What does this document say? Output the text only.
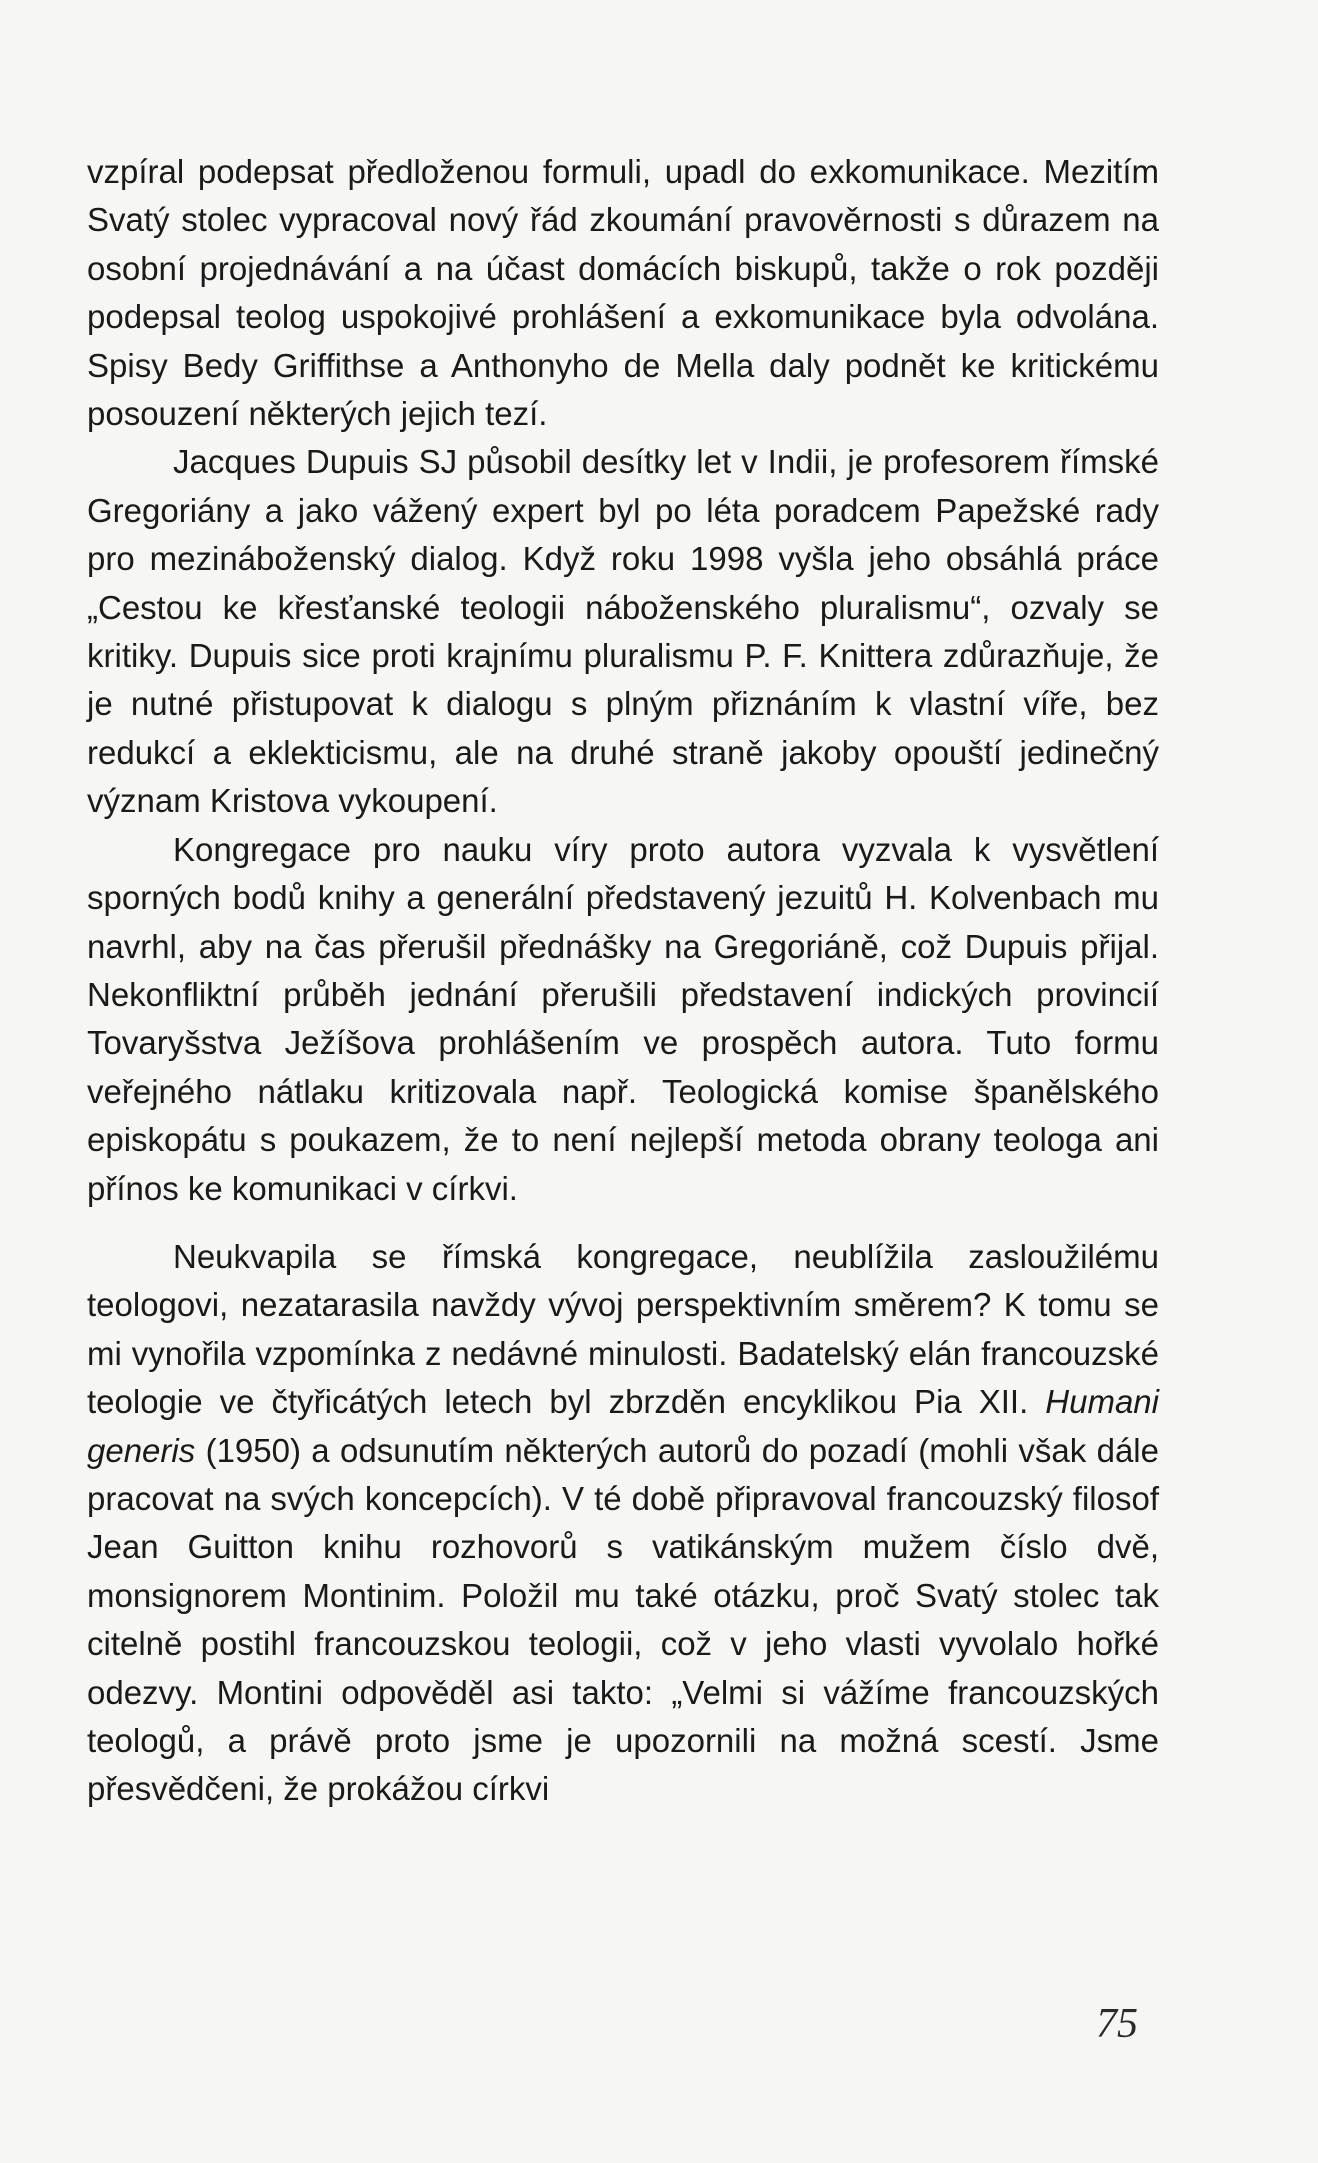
vzpíral podepsat předloženou formuli, upadl do exkomunikace. Mezitím Svatý stolec vypracoval nový řád zkoumání pravověrnosti s důrazem na osobní projednávání a na účast domácích biskupů, takže o rok později podepsal teolog uspokojivé prohlášení a exkomunikace byla odvolána. Spisy Bedy Griffithse a Anthonyho de Mella daly podnět ke kritickému posouzení některých jejich tezí.

Jacques Dupuis SJ působil desítky let v Indii, je profesorem římské Gregoriány a jako vážený expert byl po léta poradcem Papežské rady pro mezináboženský dialog. Když roku 1998 vyšla jeho obsáhlá práce „Cestou ke křesťanské teologii náboženského pluralismu“, ozvaly se kritiky. Dupuis sice proti krajnímu pluralismu P. F. Knittera zdůrazňuje, že je nutné přistupovat k dialogu s plným přiznáním k vlastní víře, bez redukcí a eklekticismu, ale na druhé straně jakoby opouští jedinečný význam Kristova vykoupení.

Kongregace pro nauku víry proto autora vyzvala k vysvětlení sporných bodů knihy a generální představený jezuitů H. Kolvenbach mu navrhl, aby na čas přerušil přednášky na Gregoriáně, což Dupuis přijal. Nekonfliktní průběh jednání přerušili představení indických provincií Tovaryšstva Ježíšova prohlášením ve prospěch autora. Tuto formu veřejného nátlaku kritizovala např. Teologická komise španělského episkopátu s poukazem, že to není nejlepší metoda obrany teologa ani přínos ke komunikaci v církvi.

Neukvapila se římská kongregace, neublížila zasloužilému teologovi, nezatarasila navždy vývoj perspektivním směrem? K tomu se mi vynořila vzpomínka z nedávné minulosti. Badatelský elán francouzské teologie ve čtyřicátých letech byl zbrzděn encyklikou Pia XII. Humani generis (1950) a odsunutím některých autorů do pozadí (mohli však dále pracovat na svých koncepcích). V té době připravoval francouzský filosof Jean Guitton knihu rozhovorů s vatikánským mužem číslo dvě, monsignorem Montinim. Položil mu také otázku, proč Svatý stolec tak citelně postihl francouzskou teologii, což v jeho vlasti vyvolalo hořké odezvy. Montini odpověděl asi takto: „Velmi si vážíme francouzských teologů, a právě proto jsme je upozornili na možná scestí. Jsme přesvědčeni, že prokážou církvi

75
